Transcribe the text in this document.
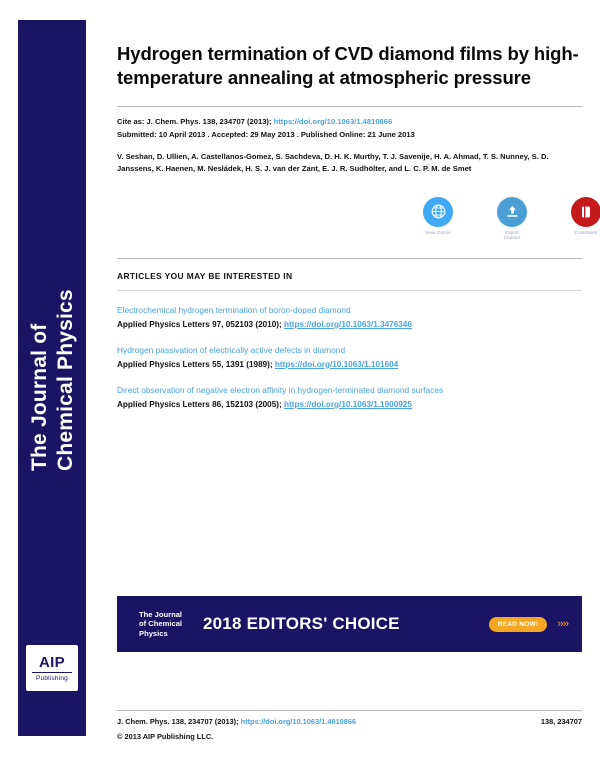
The Journal of Chemical Physics
AIP
Publishing
Hydrogen termination of CVD diamond films by high-temperature annealing at atmospheric pressure
Cite as: J. Chem. Phys. 138, 234707 (2013); https://doi.org/10.1063/1.4810866
Submitted: 10 April 2013 . Accepted: 29 May 2013 . Published Online: 21 June 2013
V. Seshan, D. Ullien, A. Castellanos-Gomez, S. Sachdeva, D. H. K. Murthy, T. J. Savenije, H. A. Ahmad, T. S. Nunney, S. D. Janssens, K. Haenen, M. Nesládek, H. S. J. van der Zant, E. J. R. Sudhölter, and L. C. P. M. de Smet
View Online	Export Citation
CrossMark
ARTICLES YOU MAY BE INTERESTED IN
Electrochemical hydrogen termination of boron-doped diamond
Applied Physics Letters 97, 052103 (2010); https://doi.org/10.1063/1.3476346
Hydrogen passivation of electrically active defects in diamond
Applied Physics Letters 55, 1391 (1989); https://doi.org/10.1063/1.101604
Direct observation of negative electron affinity in hydrogen-terminated diamond surfaces
Applied Physics Letters 86, 152103 (2005); https://doi.org/10.1063/1.1900925
The Journal
of Chemical Physics
2018 EDITORS' CHOICE	READ NOW!	››››
J. Chem. Phys. 138, 234707 (2013); https://doi.org/10.1063/1.4810866	138, 234707
© 2013 AIP Publishing LLC.
